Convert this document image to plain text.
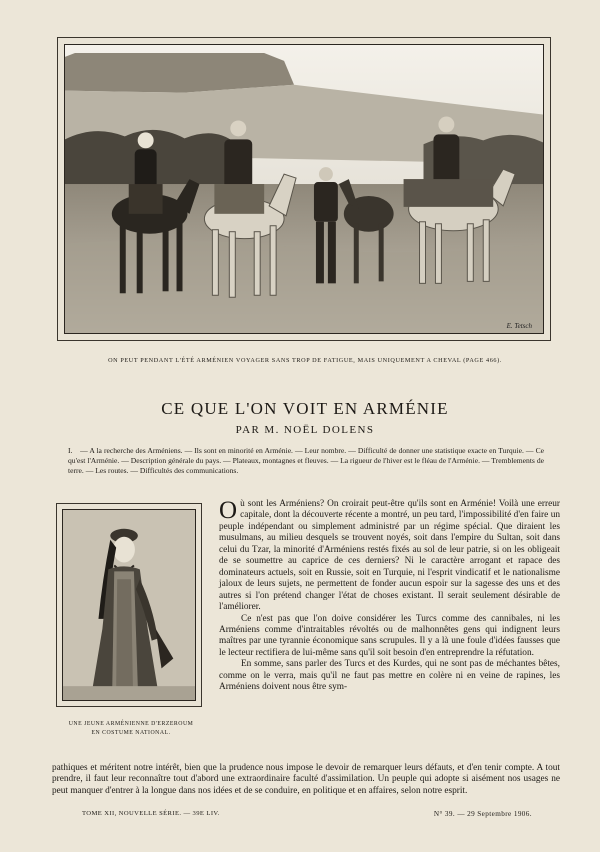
E. Tetsch
ON PEUT PENDANT L'ÉTÉ ARMÉNIEN VOYAGER SANS TROP DE FATIGUE, MAIS UNIQUEMENT A CHEVAL (PAGE 466).
CE QUE L'ON VOIT EN ARMÉNIE
PAR M. NOËL DOLENS
I. — A la recherche des Arméniens. — Ils sont en minorité en Arménie. — Leur nombre. — Difficulté de donner une statistique exacte en Turquie. — Ce qu'est l'Arménie. — Description générale du pays. — Plateaux, montagnes et fleuves. — La rigueur de l'hiver est le fléau de l'Arménie. — Tremblements de terre. — Les routes. — Difficultés des communications.
UNE JEUNE ARMÉNIENNE D'ERZEROUM
EN COSTUME NATIONAL.

Où sont les Arméniens? On croirait peut-être qu'ils sont en Arménie! Voilà une erreur capitale, dont la découverte récente a montré, un peu tard, l'impossibilité d'en faire un peuple indépendant ou simplement administré par un régime spécial. Que diraient les musulmans, au milieu desquels se trouvent noyés, soit dans l'empire du Sultan, soit dans celui du Tzar, la minorité d'Arméniens restés fixés au sol de leur patrie, si on les obligeait de se soumettre au caprice de ces derniers? Ni le caractère arrogant et rapace des dominateurs actuels, soit en Russie, soit en Turquie, ni l'esprit vindicatif et le nationalisme jaloux de leurs sujets, ne permettent de fonder aucun espoir sur la sagesse des uns et des autres si l'on prétend changer l'état de choses existant. Il serait seulement désirable de l'améliorer.

Ce n'est pas que l'on doive considérer les Turcs comme des cannibales, ni les Arméniens comme d'intraitables révoltés ou de malhonnêtes gens qui indignent leurs maîtres par une tyrannie économique sans scrupules. Il y a là une foule d'idées fausses que le lecteur rectifiera de lui-même sans qu'il soit besoin d'en entreprendre la réfutation.

En somme, sans parler des Turcs et des Kurdes, qui ne sont pas de méchantes bêtes, comme on le verra, mais qu'il ne faut pas mettre en colère ni en veine de rapines, les Arméniens doivent nous être sym-

pathiques et méritent notre intérêt, bien que la prudence nous impose le devoir de remarquer leurs défauts, et d'en tenir compte. A tout prendre, il faut leur reconnaître tout d'abord une extraordinaire faculté d'assimilation. Un peuple qui adopte si aisément nos usages ne peut manquer d'entrer à la longue dans nos idées et de se conduire, en politique et en affaires, selon notre esprit.
TOME XII, NOUVELLE SÉRIE. — 39E LIV.	N° 39. — 29 Septembre 1906.
